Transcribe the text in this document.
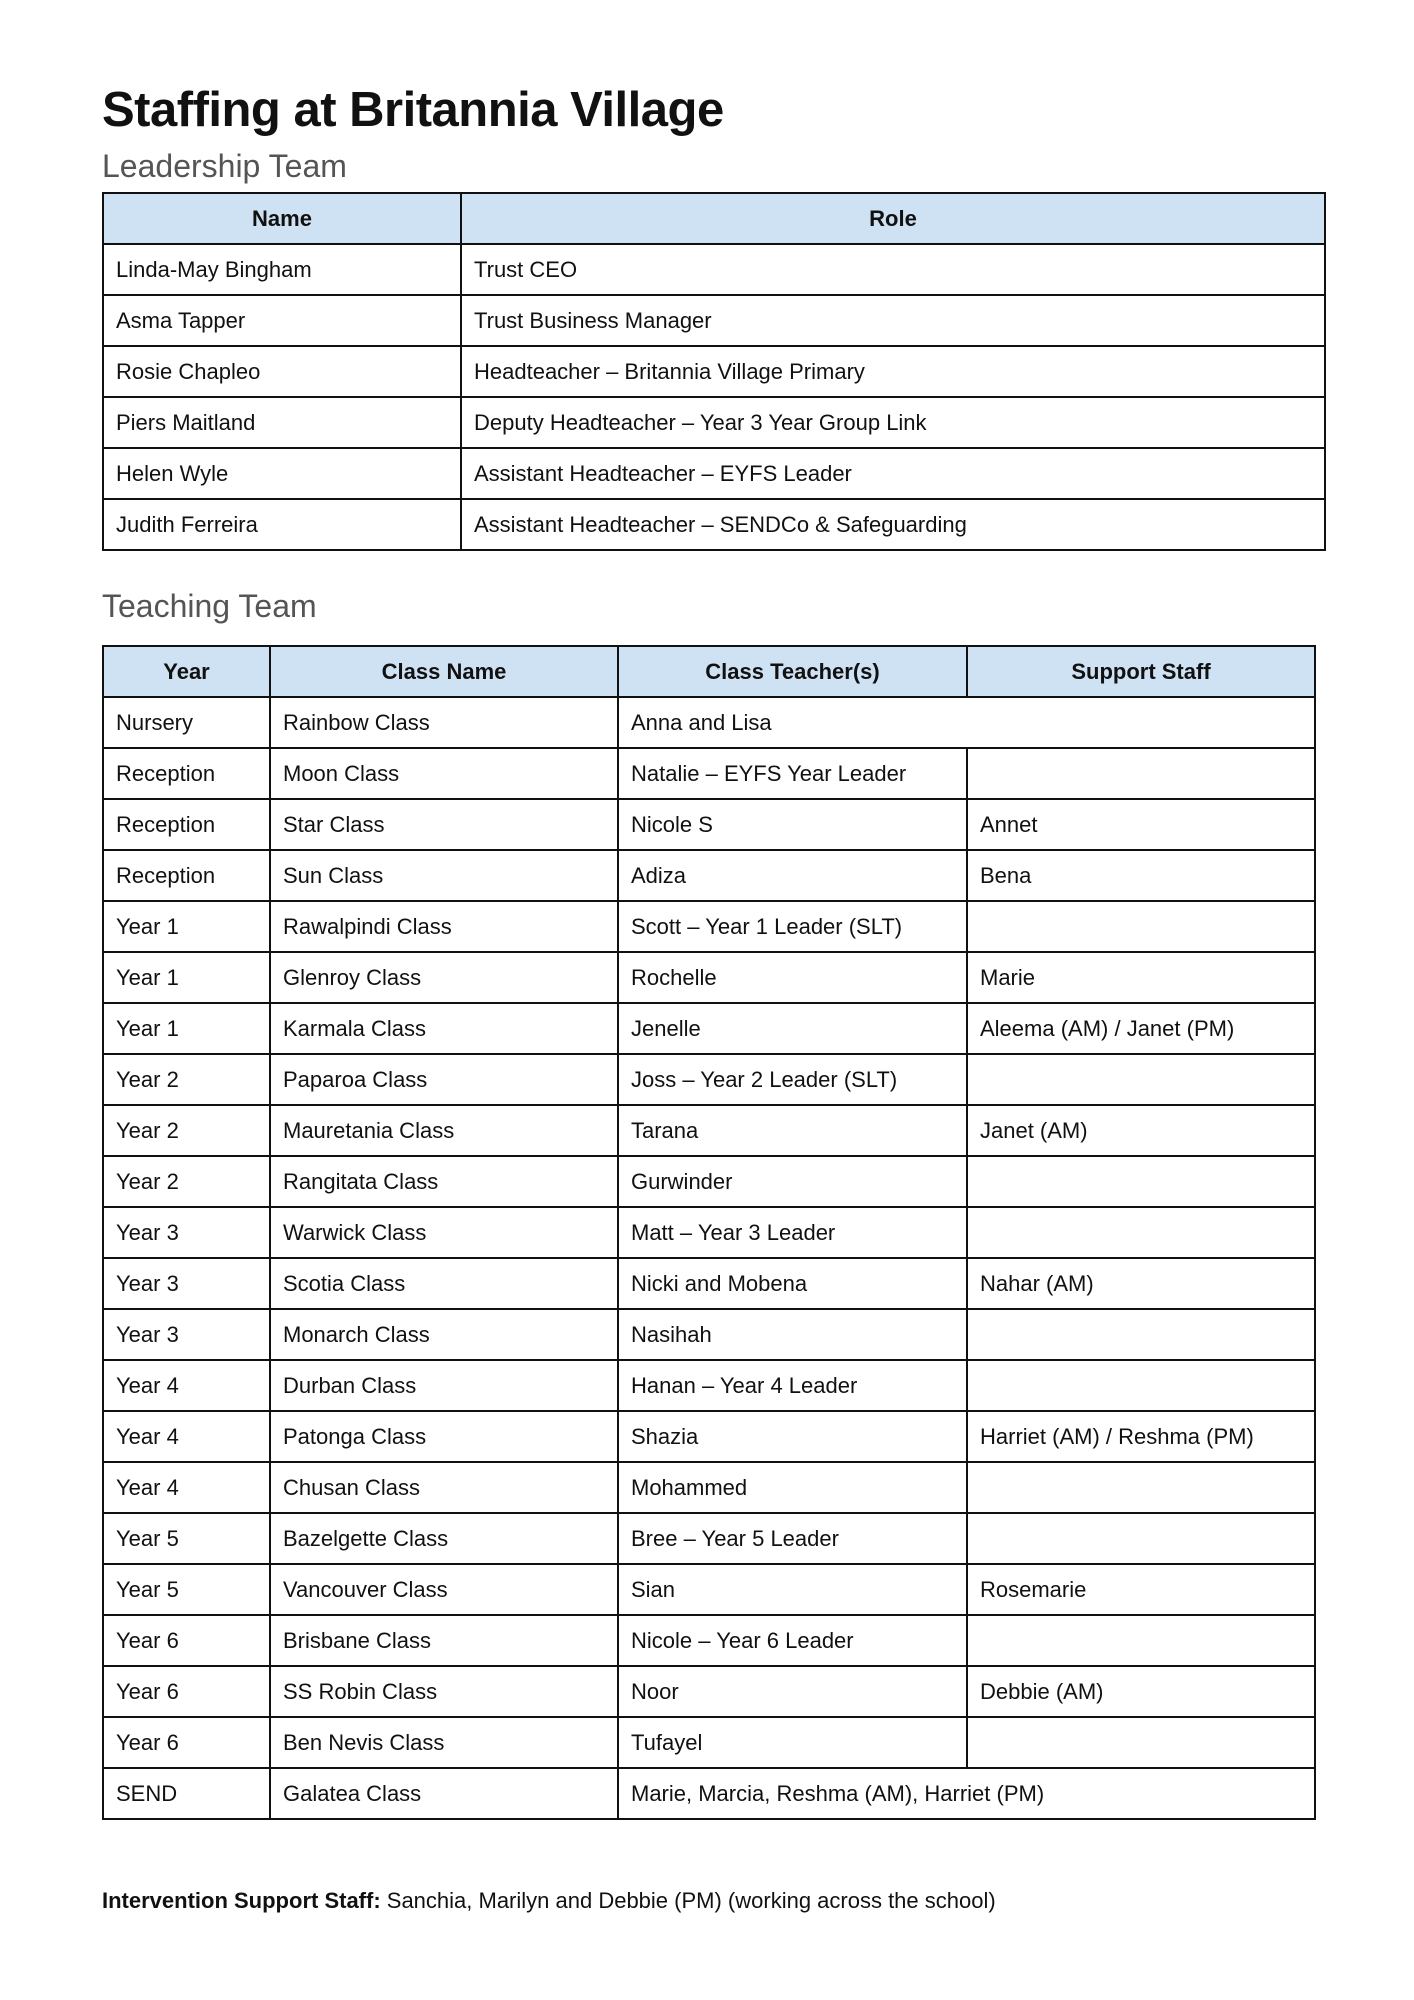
Staffing at Britannia Village
Leadership Team
Name	Role
Linda-May Bingham	Trust CEO
Asma Tapper	Trust Business Manager
Rosie Chapleo	Headteacher – Britannia Village Primary
Piers Maitland	Deputy Headteacher – Year 3 Year Group Link
Helen Wyle	Assistant Headteacher – EYFS Leader
Judith Ferreira	Assistant Headteacher – SENDCo & Safeguarding
Teaching Team
Year	Class Name	Class Teacher(s)	Support Staff
Nursery	Rainbow Class	Anna and Lisa	
Reception	Moon Class	Natalie – EYFS Year Leader	
Reception	Star Class	Nicole S	Annet
Reception	Sun Class	Adiza	Bena
Year 1	Rawalpindi Class	Scott – Year 1 Leader (SLT)	
Year 1	Glenroy Class	Rochelle	Marie
Year 1	Karmala Class	Jenelle	Aleema (AM) / Janet (PM)
Year 2	Paparoa Class	Joss – Year 2 Leader (SLT)	
Year 2	Mauretania Class	Tarana	Janet (AM)
Year 2	Rangitata Class	Gurwinder	
Year 3	Warwick Class	Matt – Year 3 Leader	
Year 3	Scotia Class	Nicki and Mobena	Nahar (AM)
Year 3	Monarch Class	Nasihah	
Year 4	Durban Class	Hanan – Year 4 Leader	
Year 4	Patonga Class	Shazia	Harriet (AM) / Reshma (PM)
Year 4	Chusan Class	Mohammed	
Year 5	Bazelgette Class	Bree – Year 5 Leader	
Year 5	Vancouver Class	Sian	Rosemarie
Year 6	Brisbane Class	Nicole – Year 6 Leader	
Year 6	SS Robin Class	Noor	Debbie (AM)
Year 6	Ben Nevis Class	Tufayel	
SEND	Galatea Class	Marie, Marcia, Reshma (AM), Harriet (PM)	

Intervention Support Staff: Sanchia, Marilyn and Debbie (PM) (working across the school)
